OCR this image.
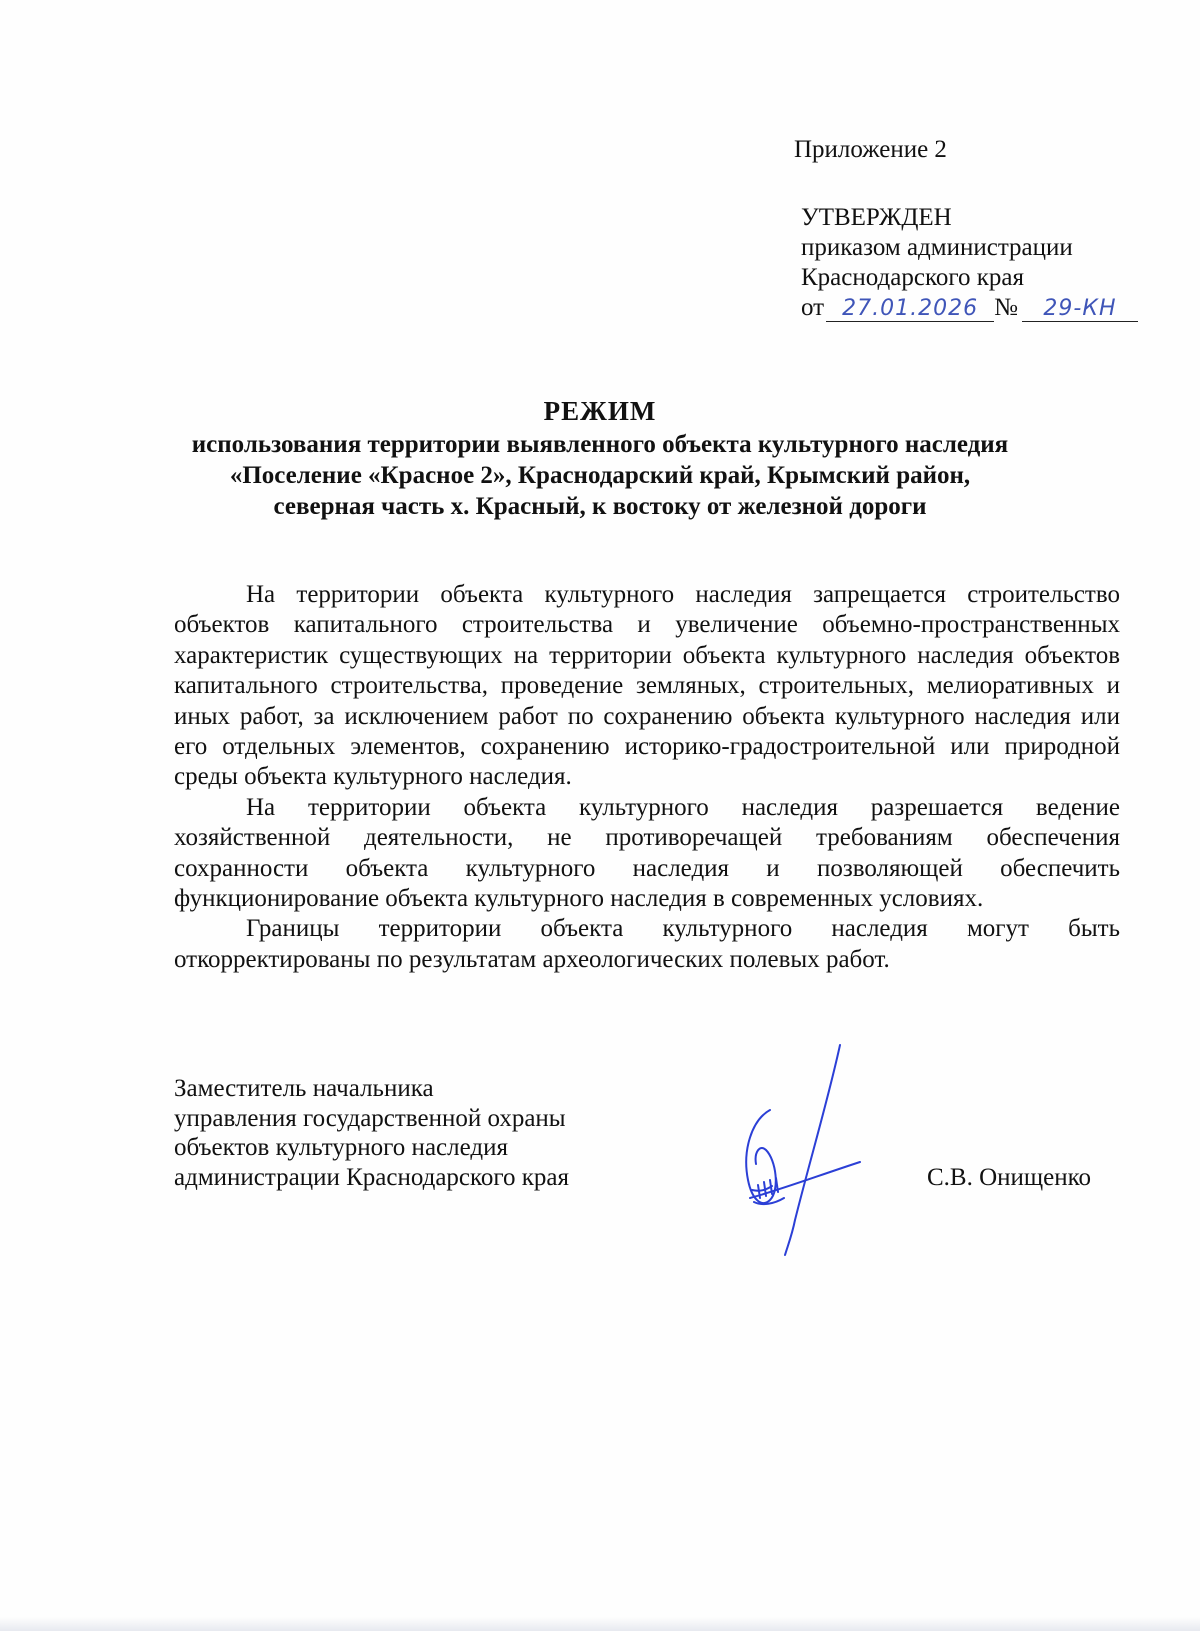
Приложение 2
УТВЕРЖДЕН
приказом администрации
Краснодарского края
от 27.01.2026 №	29-КН
РЕЖИМ
использования территории выявленного объекта культурного наследия
«Поселение «Красное 2», Краснодарский край, Крымский район,
северная часть х. Красный, к востоку от железной дороги

На территории объекта культурного наследия запрещается строительство объектов капитального строительства и увеличение объемно-пространственных характеристик существующих на территории объекта культурного наследия объектов капитального строительства, проведение земляных, строительных, мелиоративных и иных работ, за исключением работ по сохранению объекта культурного наследия или его отдельных элементов, сохранению историко-градостроительной или природной среды объекта культурного наследия.

На территории объекта культурного наследия разрешается ведение хозяйственной деятельности, не противоречащей требованиям обеспечения сохранности объекта культурного наследия и позволяющей обеспечить функционирование объекта культурного наследия в современных условиях.

Границы территории объекта культурного наследия могут быть откорректированы по результатам археологических полевых работ.

Заместитель начальника
управления государственной охраны
объектов культурного наследия
администрации Краснодарского края	С.В. Онищенко
